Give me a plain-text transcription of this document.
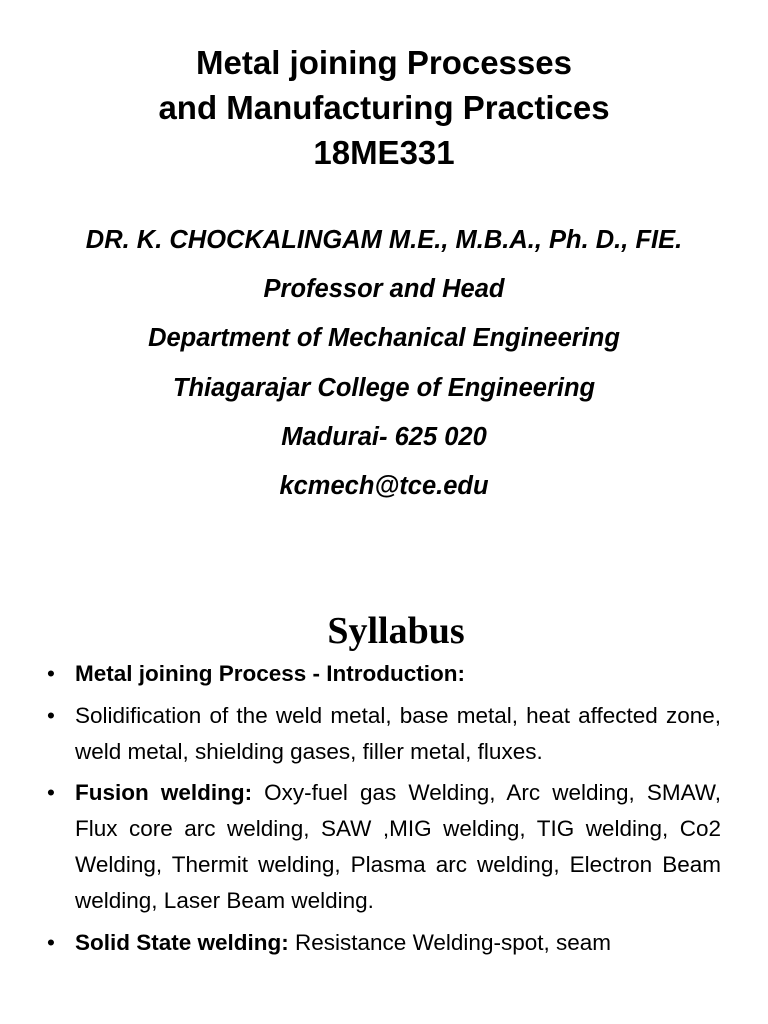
Metal joining Processes
and Manufacturing Practices
18ME331
DR. K. CHOCKALINGAM M.E., M.B.A., Ph. D., FIE.
Professor and Head
Department of Mechanical Engineering
Thiagarajar College of Engineering
Madurai- 625 020
kcmech@tce.edu
Syllabus
• Metal joining Process - Introduction:
• Solidification of the weld metal, base metal, heat affected zone, weld metal, shielding gases, filler metal, fluxes.
• Fusion welding: Oxy-fuel gas Welding, Arc welding, SMAW, Flux core arc welding, SAW ,MIG welding, TIG welding, Co2 Welding, Thermit welding, Plasma arc welding, Electron Beam welding, Laser Beam welding.
• Solid State welding: Resistance Welding-spot, seam
